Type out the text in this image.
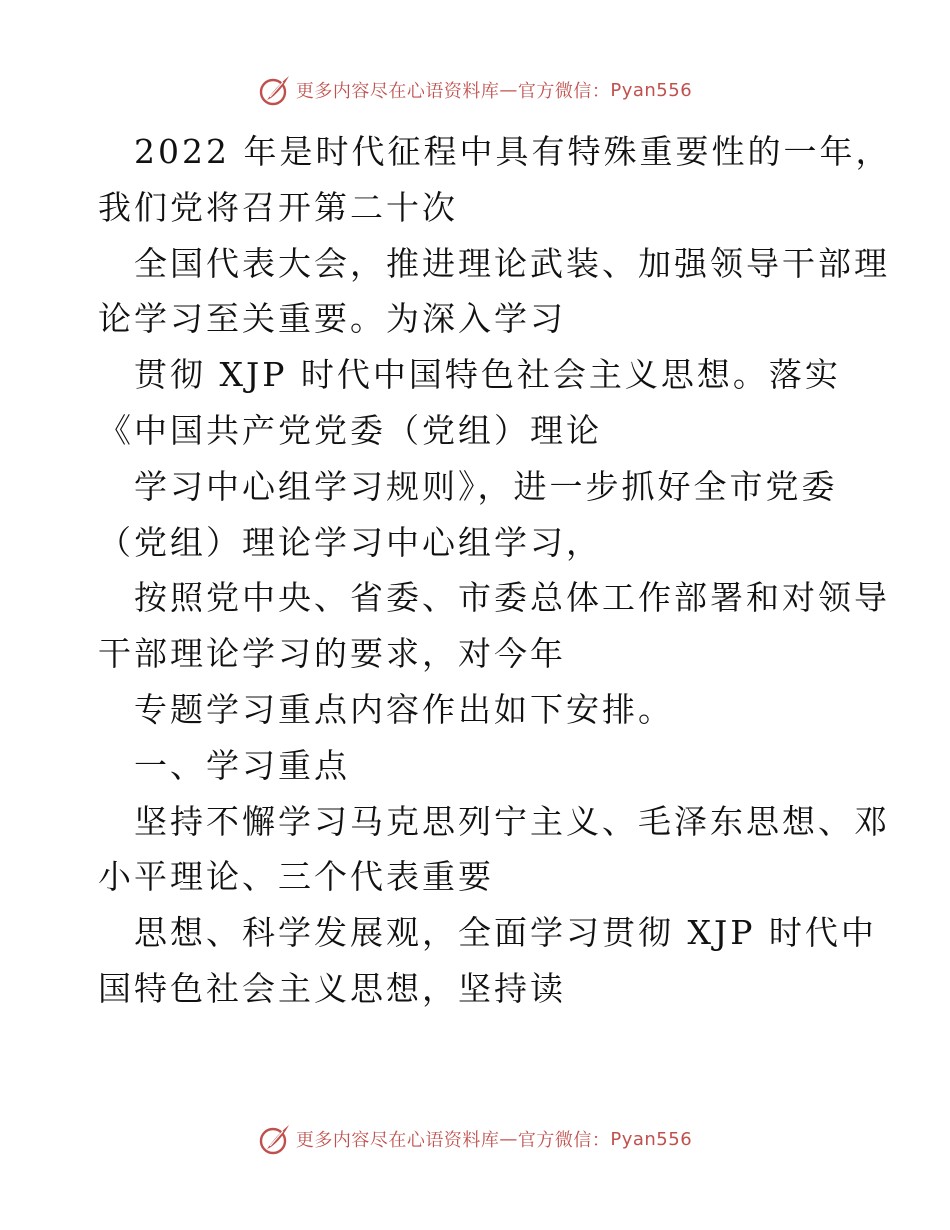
更多内容尽在心语资料库 — 官方微信： Pyan556
2022 年是时代征程中具有特殊重要性的一年，
我们党将召开第二十次
全国代表大会，推进理论武装、加强领导干部理
论学习至关重要。为深入学习
贯彻 XJP 时代中国特色社会主义思想。落实
《中国共产党党委（党组）理论
学习中心组学习规则》，进一步抓好全市党委
（党组）理论学习中心组学习，
按照党中央、省委、市委总体工作部署和对领导
干部理论学习的要求，对今年
专题学习重点内容作出如下安排。
一、学习重点
坚持不懈学习马克思列宁主义、毛泽东思想、邓
小平理论、三个代表重要
思想、科学发展观，全面学习贯彻 XJP 时代中
国特色社会主义思想，坚持读
更多内容尽在心语资料库 — 官方微信： Pyan556
